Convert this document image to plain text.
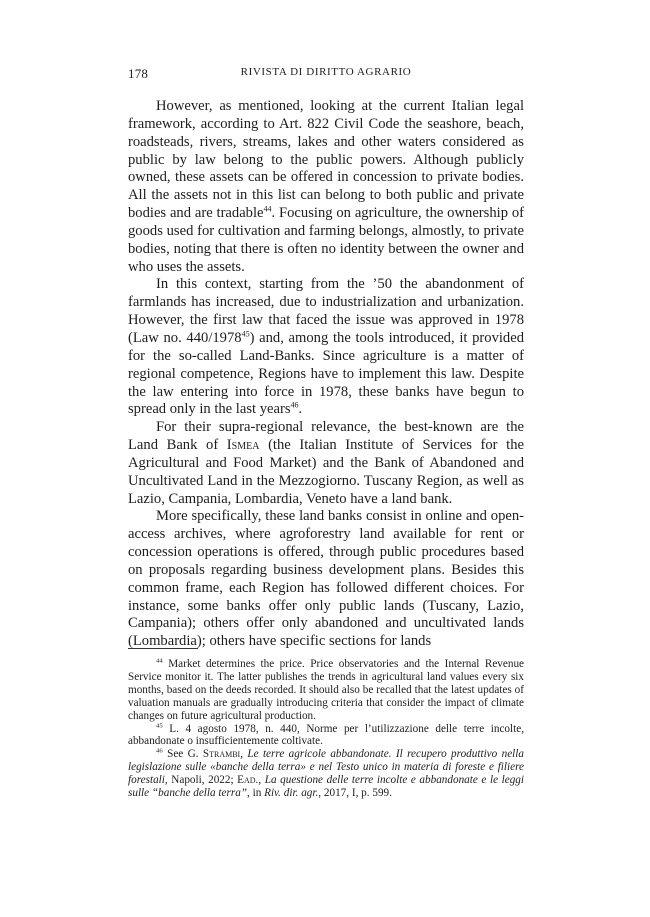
178	RIVISTA DI DIRITTO AGRARIO

However, as mentioned, looking at the current Italian legal framework, according to Art. 822 Civil Code the seashore, beach, roadsteads, rivers, streams, lakes and other waters considered as public by law belong to the public powers. Although publicly owned, these assets can be offered in concession to private bodies. All the assets not in this list can belong to both public and private bodies and are tradable$^{44}$. Focusing on agriculture, the ownership of goods used for cultivation and farming belongs, almostly, to private bodies, noting that there is often no identity between the owner and who uses the assets.

In this context, starting from the ’50 the abandonment of farmlands has increased, due to industrialization and urbanization. However, the first law that faced the issue was approved in 1978 (Law no. 440/1978$^{45}$) and, among the tools introduced, it provided for the so-called Land-Banks. Since agriculture is a matter of regional competence, Regions have to implement this law. Despite the law entering into force in 1978, these banks have begun to spread only in the last years$^{46}$.

For their supra-regional relevance, the best-known are the Land Bank of Ismea (the Italian Institute of Services for the Agricultural and Food Market) and the Bank of Abandoned and Uncultivated Land in the Mezzogiorno. Tuscany Region, as well as Lazio, Campania, Lombardia, Veneto have a land bank.

More specifically, these land banks consist in online and open-access archives, where agroforestry land available for rent or concession operations is offered, through public procedures based on proposals regarding business development plans. Besides this common frame, each Region has followed different choices. For instance, some banks offer only public lands (Tuscany, Lazio, Campania); others offer only abandoned and uncultivated lands (Lombardia); others have specific sections for lands

$^{44}$ Market determines the price. Price observatories and the Internal Revenue Service monitor it. The latter publishes the trends in agricultural land values every six months, based on the deeds recorded. It should also be recalled that the latest updates of valuation manuals are gradually introducing criteria that consider the impact of climate changes on future agricultural production.

$^{45}$ L. 4 agosto 1978, n. 440, Norme per l’utilizzazione delle terre incolte, abbandonate o insufficientemente coltivate.

$^{46}$ See G. Strambi, Le terre agricole abbandonate. Il recupero produttivo nella legislazione sulle «banche della terra» e nel Testo unico in materia di foreste e filiere forestali, Napoli, 2022; Ead., La questione delle terre incolte e abbandonate e le leggi sulle “banche della terra”, in Riv. dir. agr., 2017, I, p. 599.
